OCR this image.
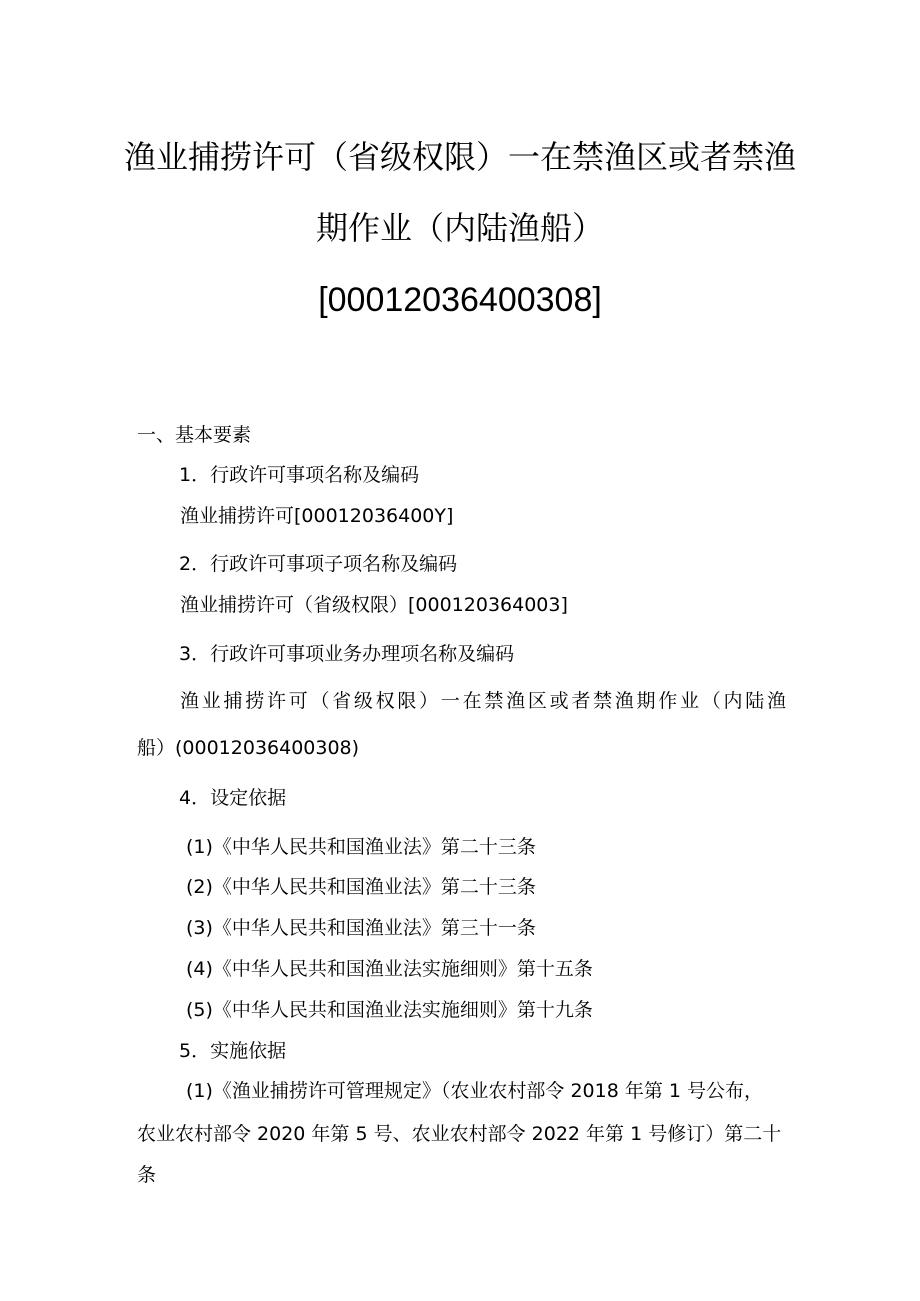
渔业捕捞许可（省级权限）一在禁渔区或者禁渔
期作业（内陆渔船）
[00012036400308]
一、基本要素
1．行政许可事项名称及编码
渔业捕捞许可[00012036400Y]
2．行政许可事项子项名称及编码
渔业捕捞许可（省级权限）[000120364003]
3．行政许可事项业务办理项名称及编码
渔业捕捞许可（省级权限）一在禁渔区或者禁渔期作业（内陆渔
船）(00012036400308)
4．设定依据
(1)《中华人民共和国渔业法》第二十三条
(2)《中华人民共和国渔业法》第二十三条
(3)《中华人民共和国渔业法》第三十一条
(4)《中华人民共和国渔业法实施细则》第十五条
(5)《中华人民共和国渔业法实施细则》第十九条
5．实施依据
(1)《渔业捕捞许可管理规定》（农业农村部令 2018 年第 1 号公布，
农业农村部令 2020 年第 5 号、农业农村部令 2022 年第 1 号修订）第二十
条
